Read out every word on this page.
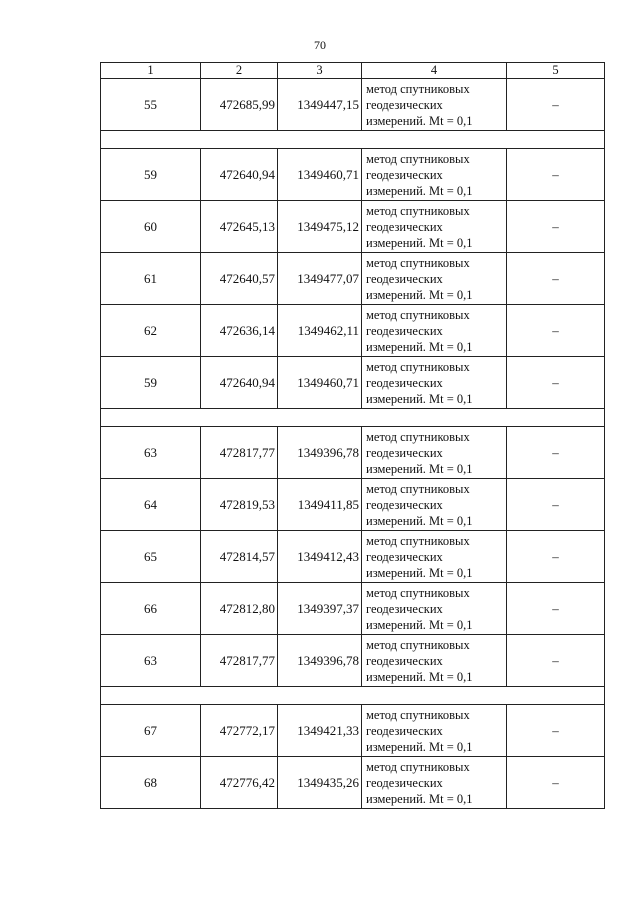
70
1	2	3	4	5
55	472685,99	1349447,15	метод спутниковых
геодезических
измерений. Mt = 0,1	–

59	472640,94	1349460,71	метод спутниковых
геодезических
измерений. Mt = 0,1	–
60	472645,13	1349475,12	метод спутниковых
геодезических
измерений. Mt = 0,1	–
61	472640,57	1349477,07	метод спутниковых
геодезических
измерений. Mt = 0,1	–
62	472636,14	1349462,11	метод спутниковых
геодезических
измерений. Mt = 0,1	–
59	472640,94	1349460,71	метод спутниковых
геодезических
измерений. Mt = 0,1	–

63	472817,77	1349396,78	метод спутниковых
геодезических
измерений. Mt = 0,1	–
64	472819,53	1349411,85	метод спутниковых
геодезических
измерений. Mt = 0,1	–
65	472814,57	1349412,43	метод спутниковых
геодезических
измерений. Mt = 0,1	–
66	472812,80	1349397,37	метод спутниковых
геодезических
измерений. Mt = 0,1	–
63	472817,77	1349396,78	метод спутниковых
геодезических
измерений. Mt = 0,1	–

67	472772,17	1349421,33	метод спутниковых
геодезических
измерений. Mt = 0,1	–
68	472776,42	1349435,26	метод спутниковых
геодезических
измерений. Mt = 0,1	–
